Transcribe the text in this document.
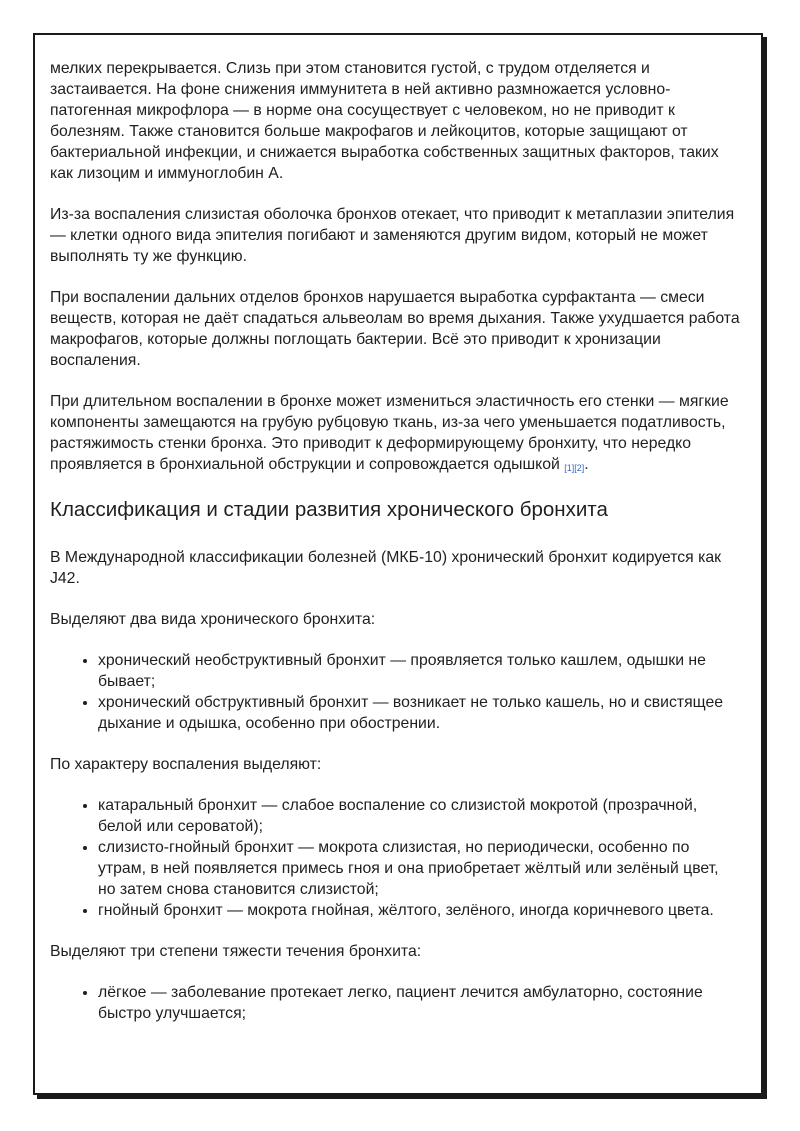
мелких перекрывается. Слизь при этом становится густой, с трудом отделяется и застаивается. На фоне снижения иммунитета в ней активно размножается условно-патогенная микрофлора — в норме она сосуществует с человеком, но не приводит к болезням. Также становится больше макрофагов и лейкоцитов, которые защищают от бактериальной инфекции, и снижается выработка собственных защитных факторов, таких как лизоцим и иммуноглобин А.

Из-за воспаления слизистая оболочка бронхов отекает, что приводит к метаплазии эпителия — клетки одного вида эпителия погибают и заменяются другим видом, который не может выполнять ту же функцию.

При воспалении дальних отделов бронхов нарушается выработка сурфактанта — смеси веществ, которая не даёт спадаться альвеолам во время дыхания. Также ухудшается работа макрофагов, которые должны поглощать бактерии. Всё это приводит к хронизации воспаления.

При длительном воспалении в бронхе может измениться эластичность его стенки — мягкие компоненты замещаются на грубую рубцовую ткань, из-за чего уменьшается податливость, растяжимость стенки бронха. Это приводит к деформирующему бронхиту, что нередко проявляется в бронхиальной обструкции и сопровождается одышкой [1][2].

Классификация и стадии развития хронического бронхита

В Международной классификации болезней (МКБ-10) хронический бронхит кодируется как J42.

Выделяют два вида хронического бронхита:

• хронический необструктивный бронхит — проявляется только кашлем, одышки не бывает;
• хронический обструктивный бронхит — возникает не только кашель, но и свистящее дыхание и одышка, особенно при обострении.

По характеру воспаления выделяют:

• катаральный бронхит — слабое воспаление со слизистой мокротой (прозрачной, белой или сероватой);
• слизисто-гнойный бронхит — мокрота слизистая, но периодически, особенно по утрам, в ней появляется примесь гноя и она приобретает жёлтый или зелёный цвет, но затем снова становится слизистой;
• гнойный бронхит — мокрота гнойная, жёлтого, зелёного, иногда коричневого цвета.

Выделяют три степени тяжести течения бронхита:

• лёгкое — заболевание протекает легко, пациент лечится амбулаторно, состояние быстро улучшается;
